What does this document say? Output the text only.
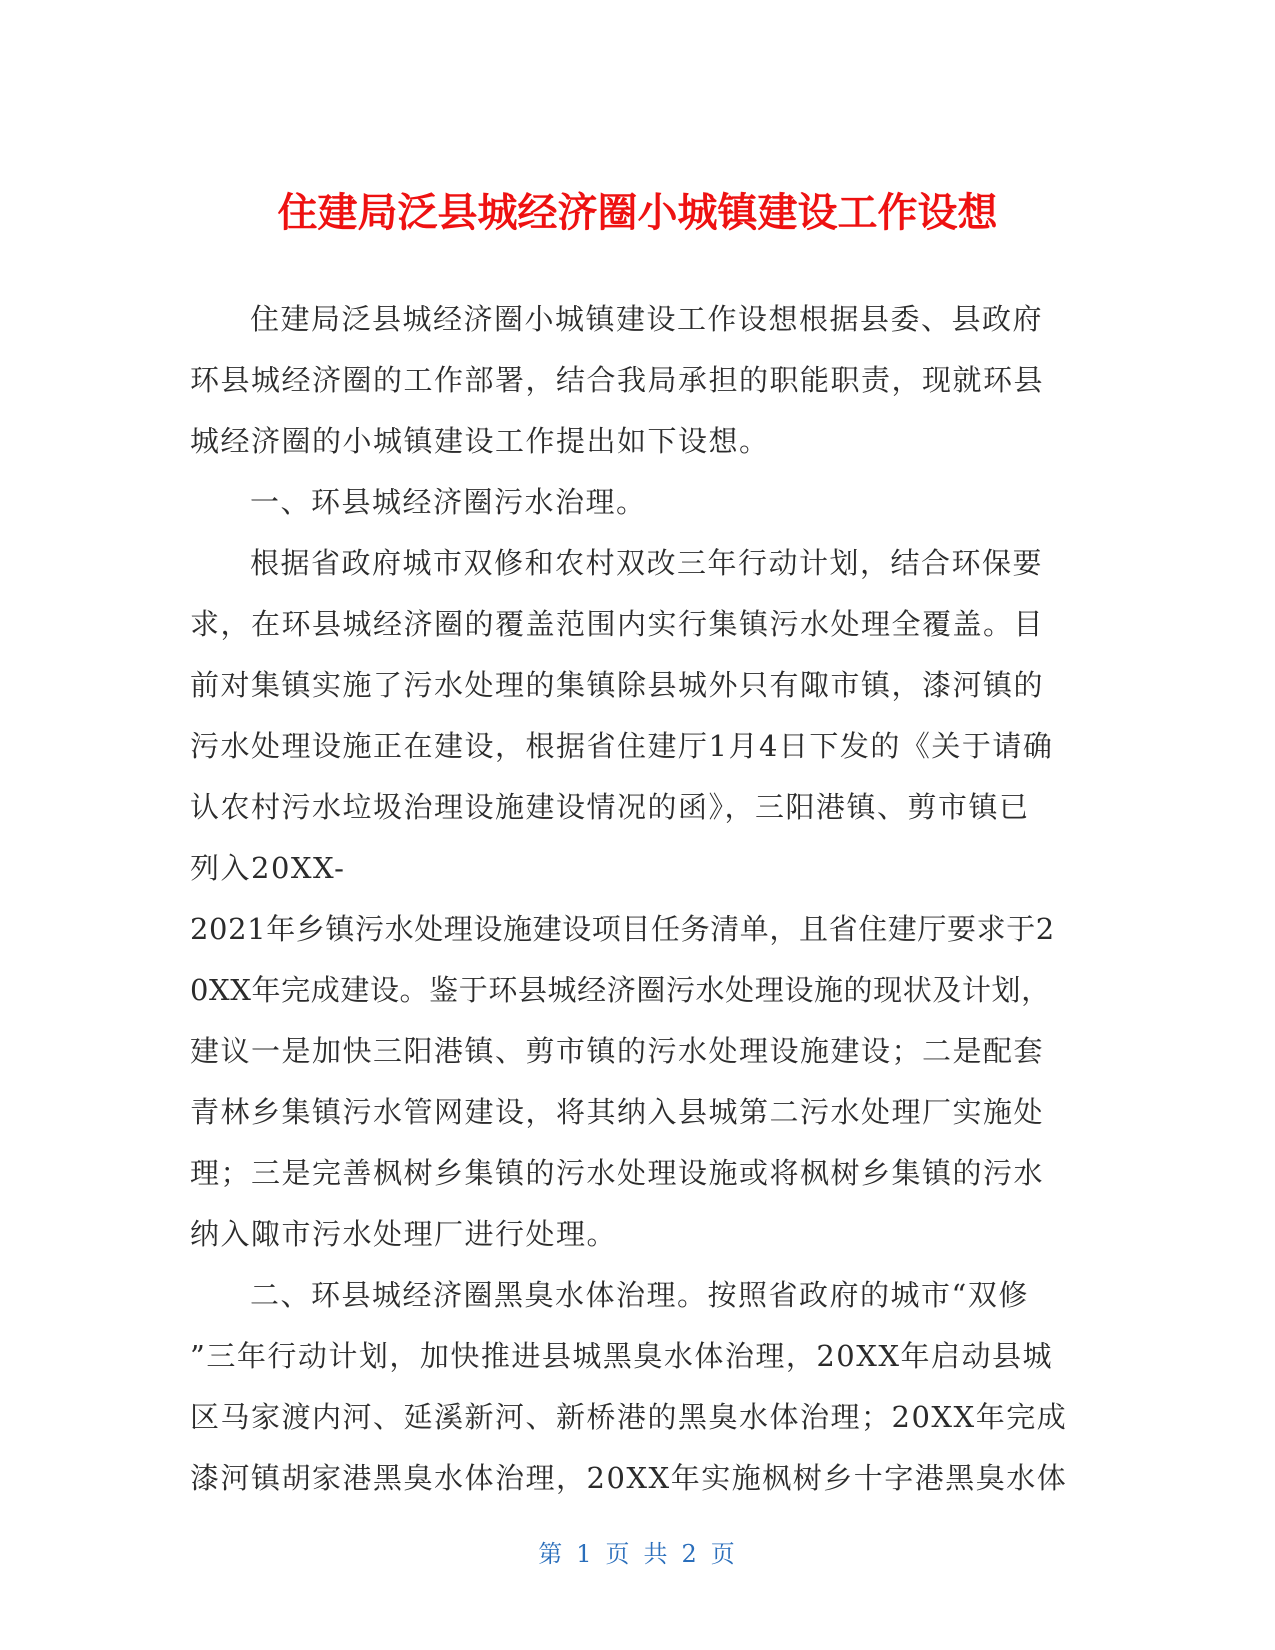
住建局泛县城经济圈小城镇建设工作设想

住建局泛县城经济圈小城镇建设工作设想根据县委、县政府
环县城经济圈的工作部署，结合我局承担的职能职责，现就环县
城经济圈的小城镇建设工作提出如下设想。

一、环县城经济圈污水治理。

根据省政府城市双修和农村双改三年行动计划，结合环保要
求，在环县城经济圈的覆盖范围内实行集镇污水处理全覆盖。目
前对集镇实施了污水处理的集镇除县城外只有陬市镇，漆河镇的
污水处理设施正在建设，根据省住建厅1月4日下发的《关于请确
认农村污水垃圾治理设施建设情况的函》，三阳港镇、剪市镇已
列入20XX-
2021年乡镇污水处理设施建设项目任务清单，且省住建厅要求于2
0XX年完成建设。鉴于环县城经济圈污水处理设施的现状及计划，
建议一是加快三阳港镇、剪市镇的污水处理设施建设；二是配套
青林乡集镇污水管网建设，将其纳入县城第二污水处理厂实施处
理；三是完善枫树乡集镇的污水处理设施或将枫树乡集镇的污水
纳入陬市污水处理厂进行处理。

二、环县城经济圈黑臭水体治理。按照省政府的城市“双修
”三年行动计划，加快推进县城黑臭水体治理，20XX年启动县城
区马家渡内河、延溪新河、新桥港的黑臭水体治理；20XX年完成
漆河镇胡家港黑臭水体治理，20XX年实施枫树乡十字港黑臭水体

第 1 页 共 2 页
